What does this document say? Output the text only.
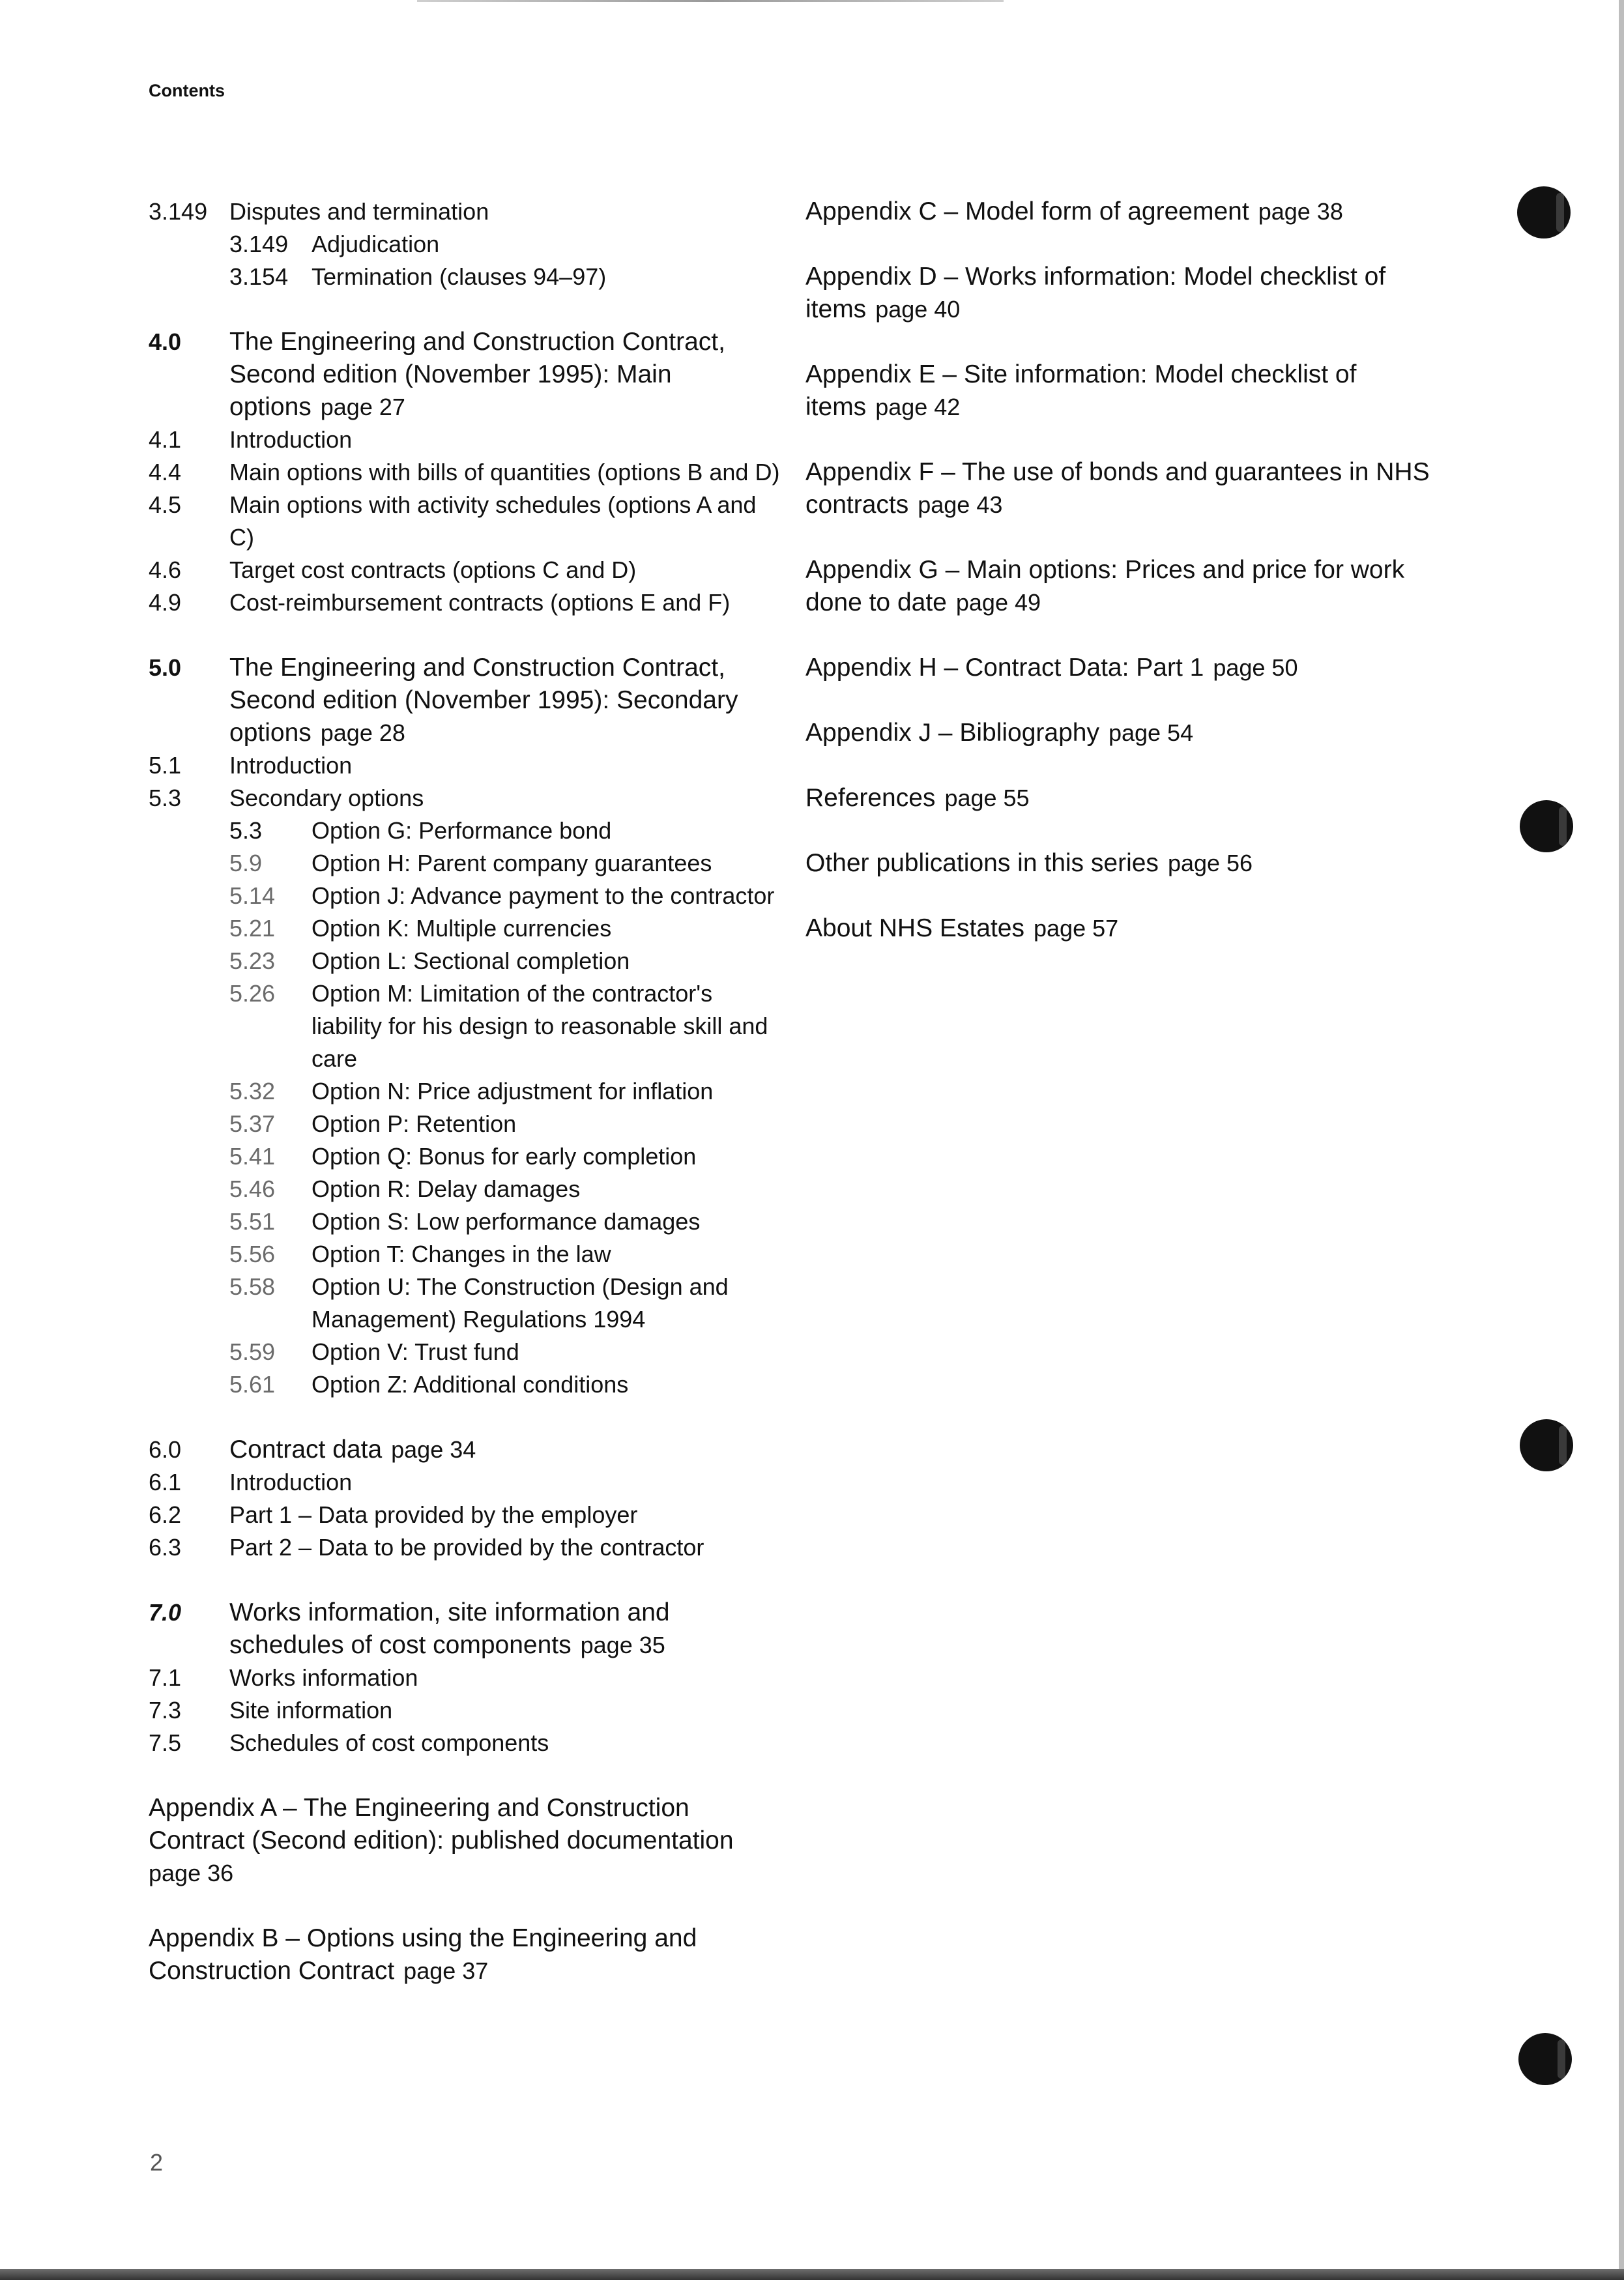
Contents
3.149 Disputes and termination
3.149 Adjudication
3.154 Termination (clauses 94–97)
4.0	The Engineering and Construction Contract, Second edition (November 1995): Main options page 27
4.1	Introduction
4.4	Main options with bills of quantities (options B and D)
4.5	Main options with activity schedules (options A and C)
4.6	Target cost contracts (options C and D)
4.9	Cost-reimbursement contracts (options E and F)
5.0	The Engineering and Construction Contract, Second edition (November 1995): Secondary options page 28
5.1	Introduction
5.3	Secondary options
5.3	Option G: Performance bond
5.9	Option H: Parent company guarantees
5.14	Option J: Advance payment to the contractor
5.21	Option K: Multiple currencies
5.23	Option L: Sectional completion
5.26	Option M: Limitation of the contractor's liability for his design to reasonable skill and care
5.32	Option N: Price adjustment for inflation
5.37	Option P: Retention
5.41	Option Q: Bonus for early completion
5.46	Option R: Delay damages
5.51	Option S: Low performance damages
5.56	Option T: Changes in the law
5.58	Option U: The Construction (Design and Management) Regulations 1994
5.59	Option V: Trust fund
5.61	Option Z: Additional conditions
6.0	Contract data page 34
6.1	Introduction
6.2	Part 1 – Data provided by the employer
6.3	Part 2 – Data to be provided by the contractor
7.0	Works information, site information and schedules of cost components page 35
7.1	Works information
7.3	Site information
7.5	Schedules of cost components
Appendix A – The Engineering and Construction Contract (Second edition): published documentation
page 36
Appendix B – Options using the Engineering and Construction Contract page 37
Appendix C – Model form of agreement page 38
Appendix D – Works information: Model checklist of items page 40
Appendix E – Site information: Model checklist of items page 42
Appendix F – The use of bonds and guarantees in NHS contracts page 43
Appendix G – Main options: Prices and price for work done to date page 49
Appendix H – Contract Data: Part 1 page 50
Appendix J – Bibliography page 54
References page 55
Other publications in this series page 56
About NHS Estates page 57
2
